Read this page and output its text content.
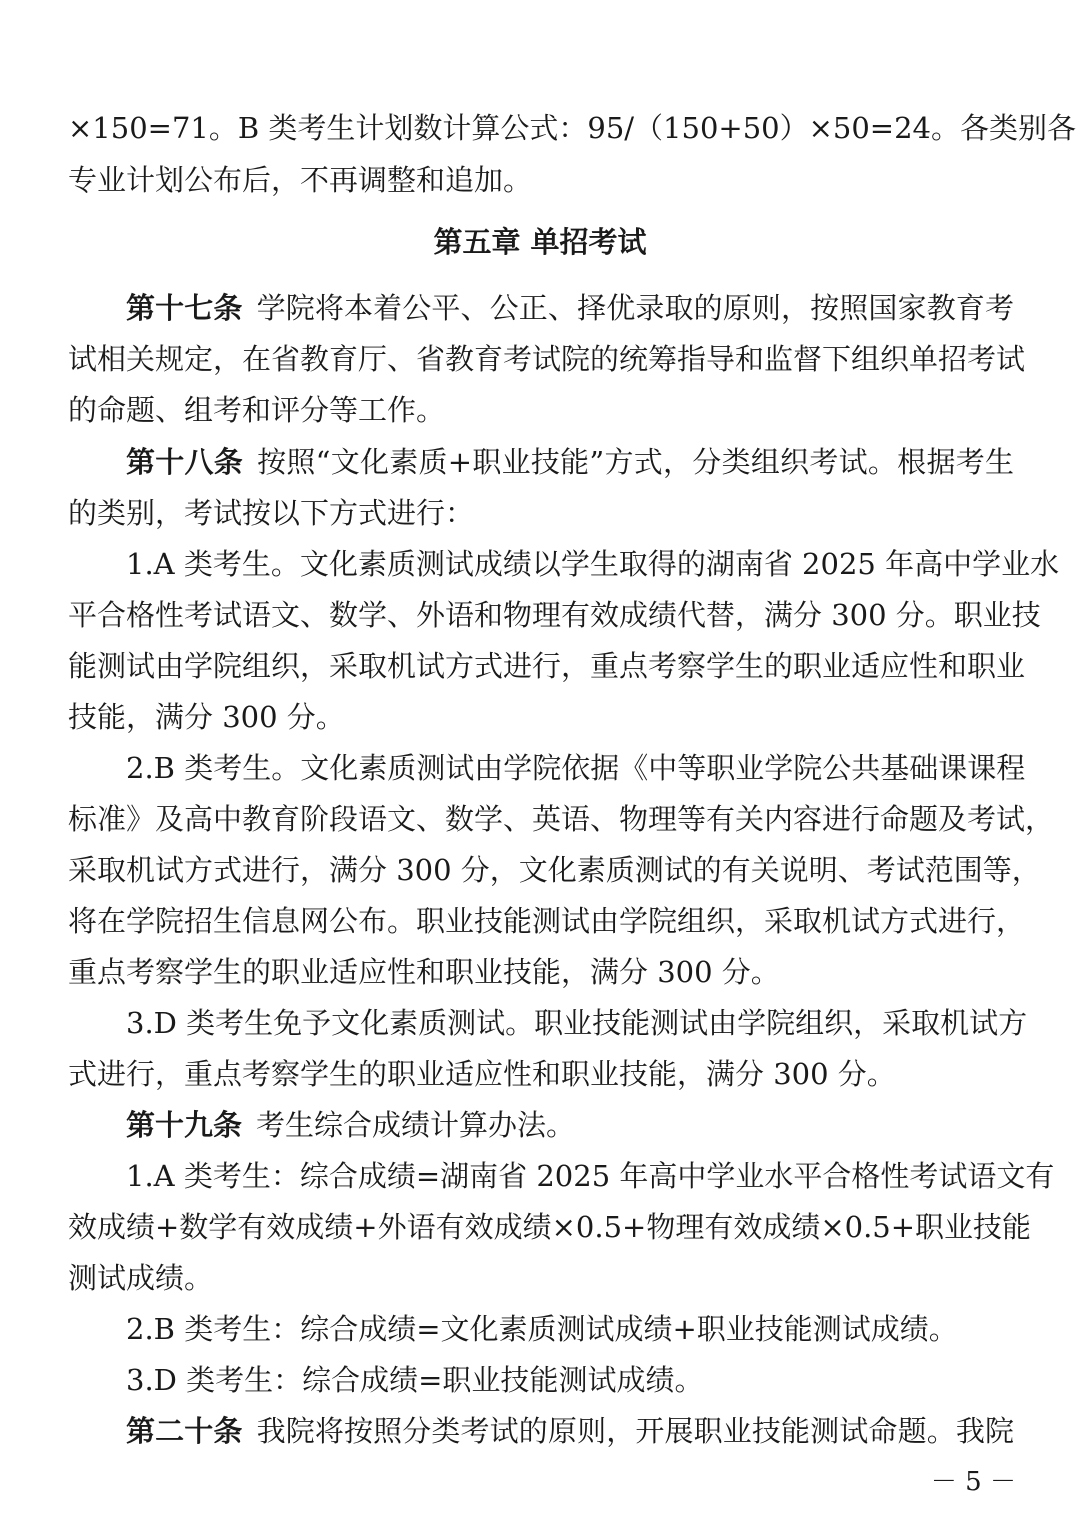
×150=71。B 类考生计划数计算公式：95/（150+50）×50=24。各类别各
专业计划公布后，不再调整和追加。
第五章 单招考试
第十七条 学院将本着公平、公正、择优录取的原则，按照国家教育考
试相关规定，在省教育厅、省教育考试院的统筹指导和监督下组织单招考试
的命题、组考和评分等工作。
第十八条 按照“文化素质+职业技能”方式，分类组织考试。根据考生
的类别，考试按以下方式进行：
1.A 类考生。文化素质测试成绩以学生取得的湖南省 2025 年高中学业水
平合格性考试语文、数学、外语和物理有效成绩代替，满分 300 分。职业技
能测试由学院组织，采取机试方式进行，重点考察学生的职业适应性和职业
技能，满分 300 分。
2.B 类考生。文化素质测试由学院依据《中等职业学院公共基础课课程
标准》及高中教育阶段语文、数学、英语、物理等有关内容进行命题及考试，
采取机试方式进行，满分 300 分，文化素质测试的有关说明、考试范围等，
将在学院招生信息网公布。职业技能测试由学院组织，采取机试方式进行，
重点考察学生的职业适应性和职业技能，满分 300 分。
3.D 类考生免予文化素质测试。职业技能测试由学院组织，采取机试方
式进行，重点考察学生的职业适应性和职业技能，满分 300 分。
第十九条 考生综合成绩计算办法。
1.A 类考生：综合成绩=湖南省 2025 年高中学业水平合格性考试语文有
效成绩+数学有效成绩+外语有效成绩×0.5+物理有效成绩×0.5+职业技能
测试成绩。
2.B 类考生：综合成绩=文化素质测试成绩+职业技能测试成绩。
3.D 类考生：综合成绩=职业技能测试成绩。
第二十条 我院将按照分类考试的原则，开展职业技能测试命题。我院
－ 5 －
